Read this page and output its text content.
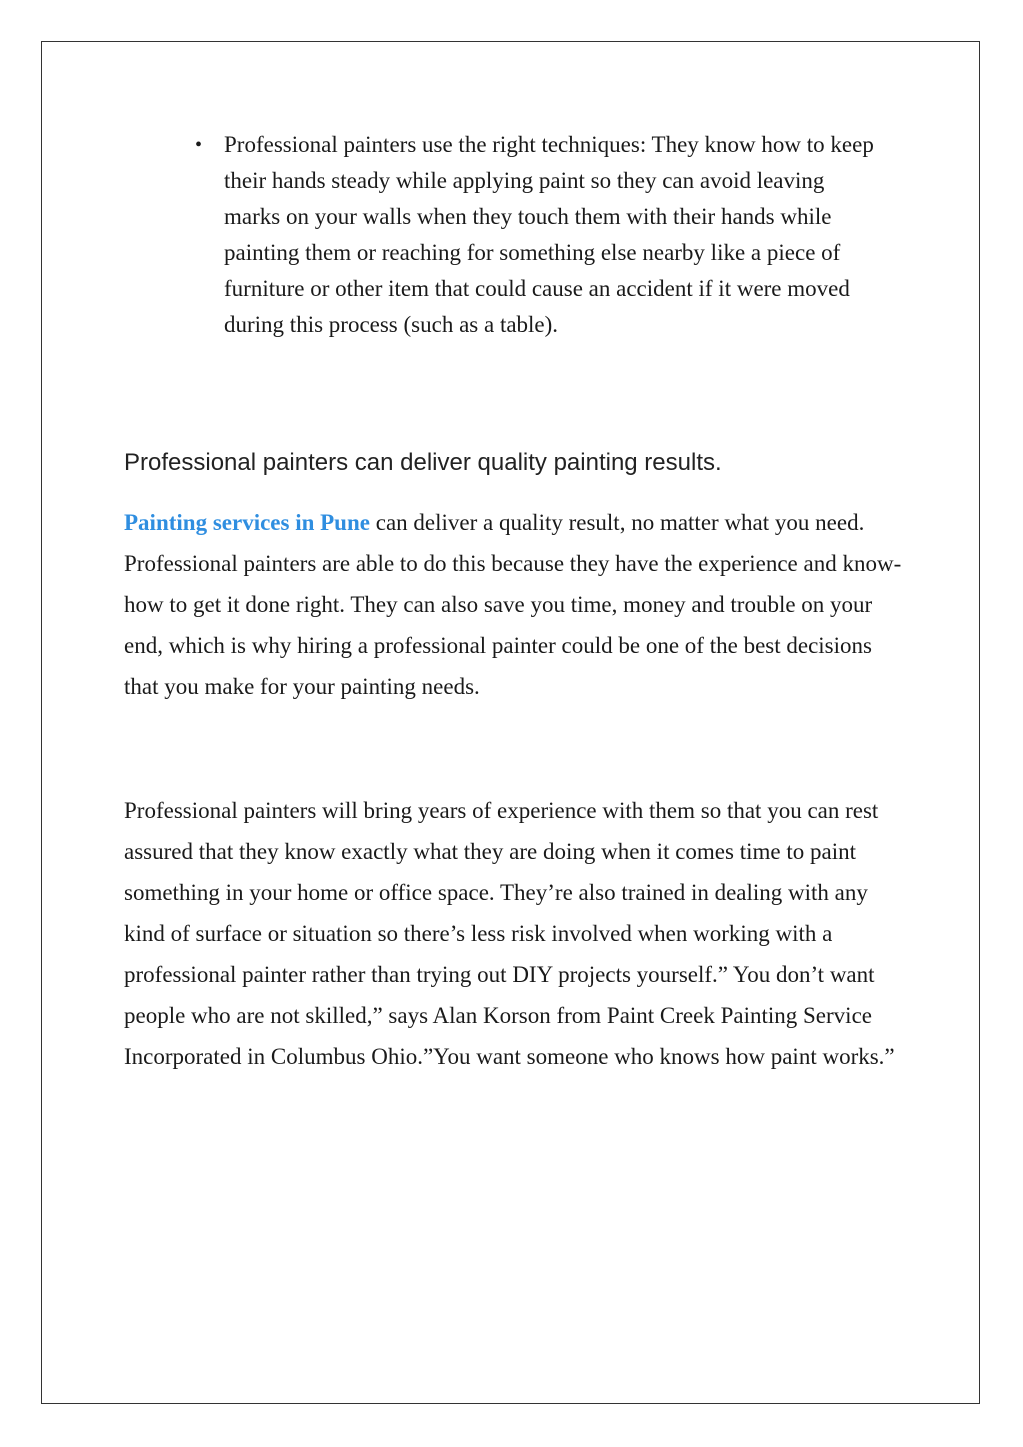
• Professional painters use the right techniques: They know how to keep their hands steady while applying paint so they can avoid leaving marks on your walls when they touch them with their hands while painting them or reaching for something else nearby like a piece of furniture or other item that could cause an accident if it were moved during this process (such as a table).
Professional painters can deliver quality painting results.

Painting services in Pune can deliver a quality result, no matter what you need. Professional painters are able to do this because they have the experience and know-how to get it done right. They can also save you time, money and trouble on your end, which is why hiring a professional painter could be one of the best decisions that you make for your painting needs.

Professional painters will bring years of experience with them so that you can rest assured that they know exactly what they are doing when it comes time to paint something in your home or office space. They’re also trained in dealing with any kind of surface or situation so there’s less risk involved when working with a professional painter rather than trying out DIY projects yourself.” You don’t want people who are not skilled,” says Alan Korson from Paint Creek Painting Service Incorporated in Columbus Ohio.”You want someone who knows how paint works.”
